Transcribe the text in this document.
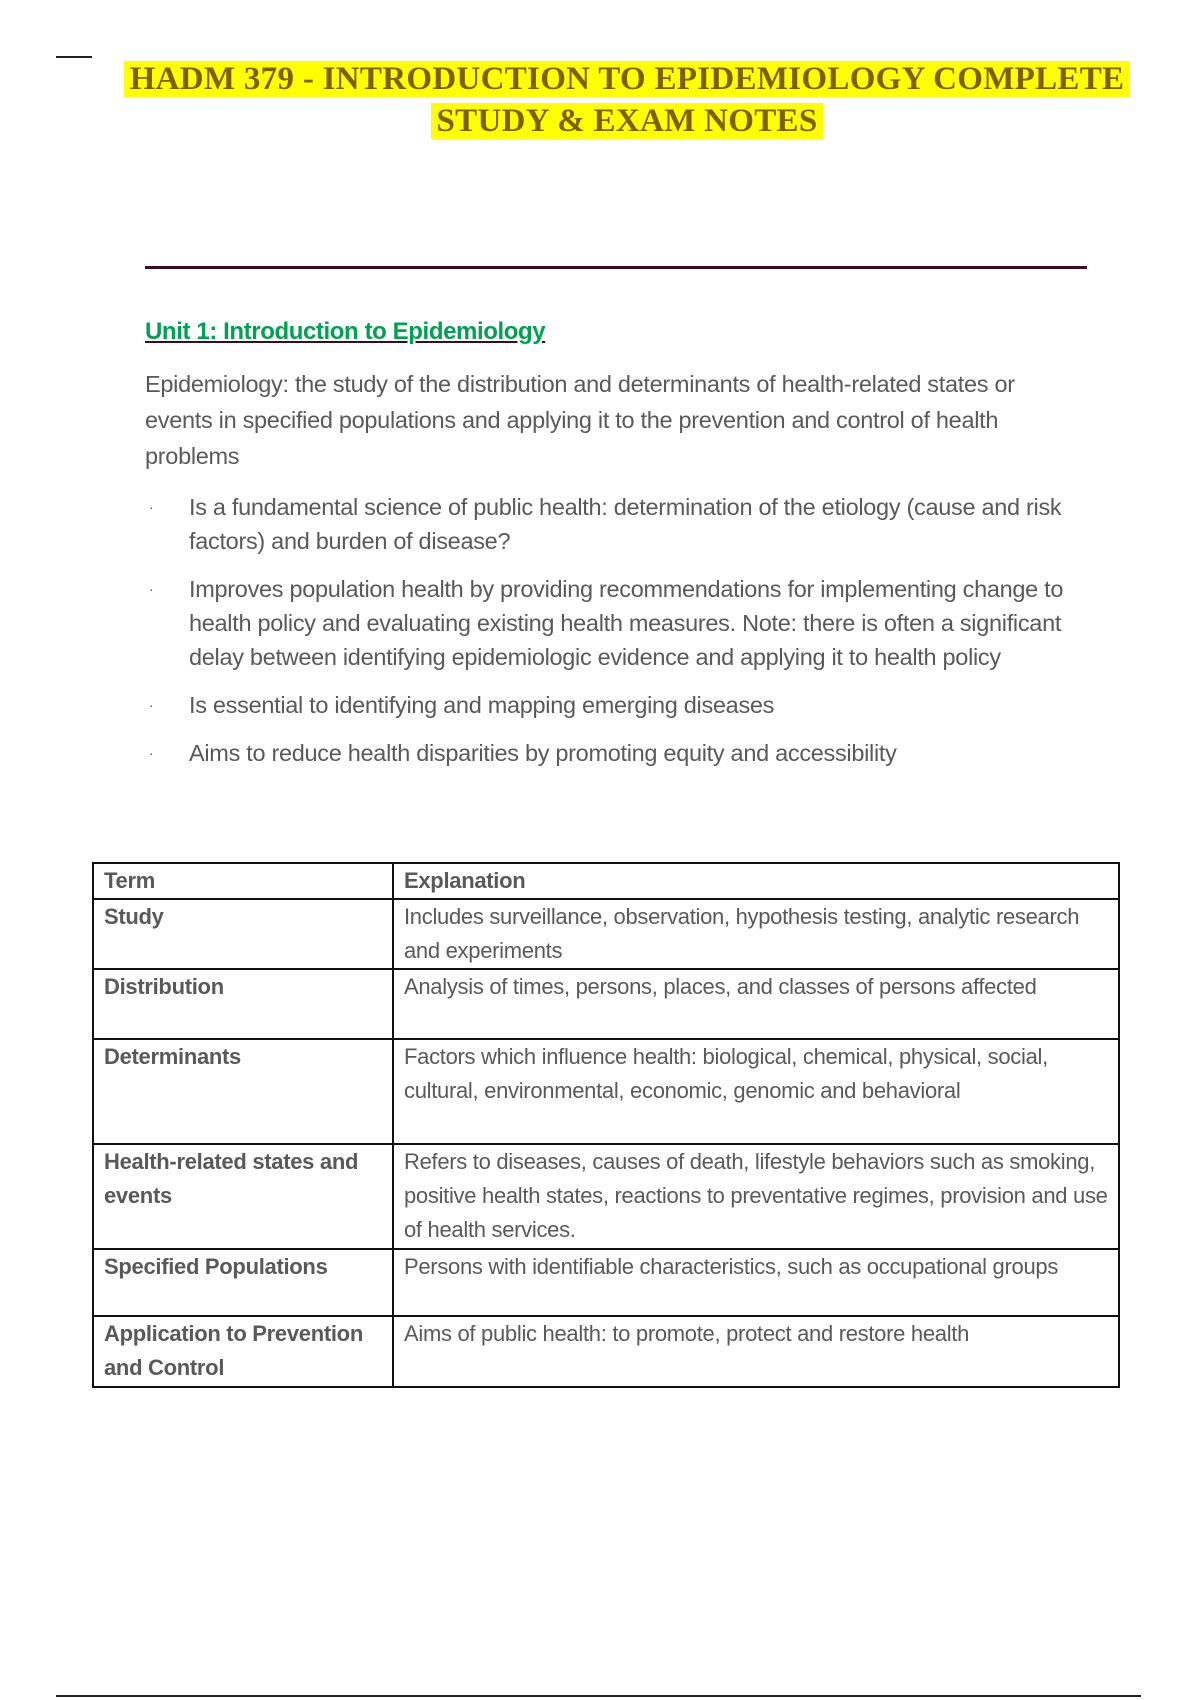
HADM 379 - INTRODUCTION TO EPIDEMIOLOGY COMPLETE
STUDY & EXAM NOTES
Unit 1: Introduction to Epidemiology
Epidemiology: the study of the distribution and determinants of health-related states or events in specified populations and applying it to the prevention and control of health problems
· Is a fundamental science of public health: determination of the etiology (cause and risk factors) and burden of disease?
· Improves population health by providing recommendations for implementing change to health policy and evaluating existing health measures. Note: there is often a significant delay between identifying epidemiologic evidence and applying it to health policy
· Is essential to identifying and mapping emerging diseases
· Aims to reduce health disparities by promoting equity and accessibility
Term	Explanation
Study	Includes surveillance, observation, hypothesis testing, analytic research and experiments
Distribution	Analysis of times, persons, places, and classes of persons affected
Determinants	Factors which influence health: biological, chemical, physical, social, cultural, environmental, economic, genomic and behavioral
Health-related states and events	Refers to diseases, causes of death, lifestyle behaviors such as smoking, positive health states, reactions to preventative regimes, provision and use of health services.
Specified Populations	Persons with identifiable characteristics, such as occupational groups
Application to Prevention and Control	Aims of public health: to promote, protect and restore health
